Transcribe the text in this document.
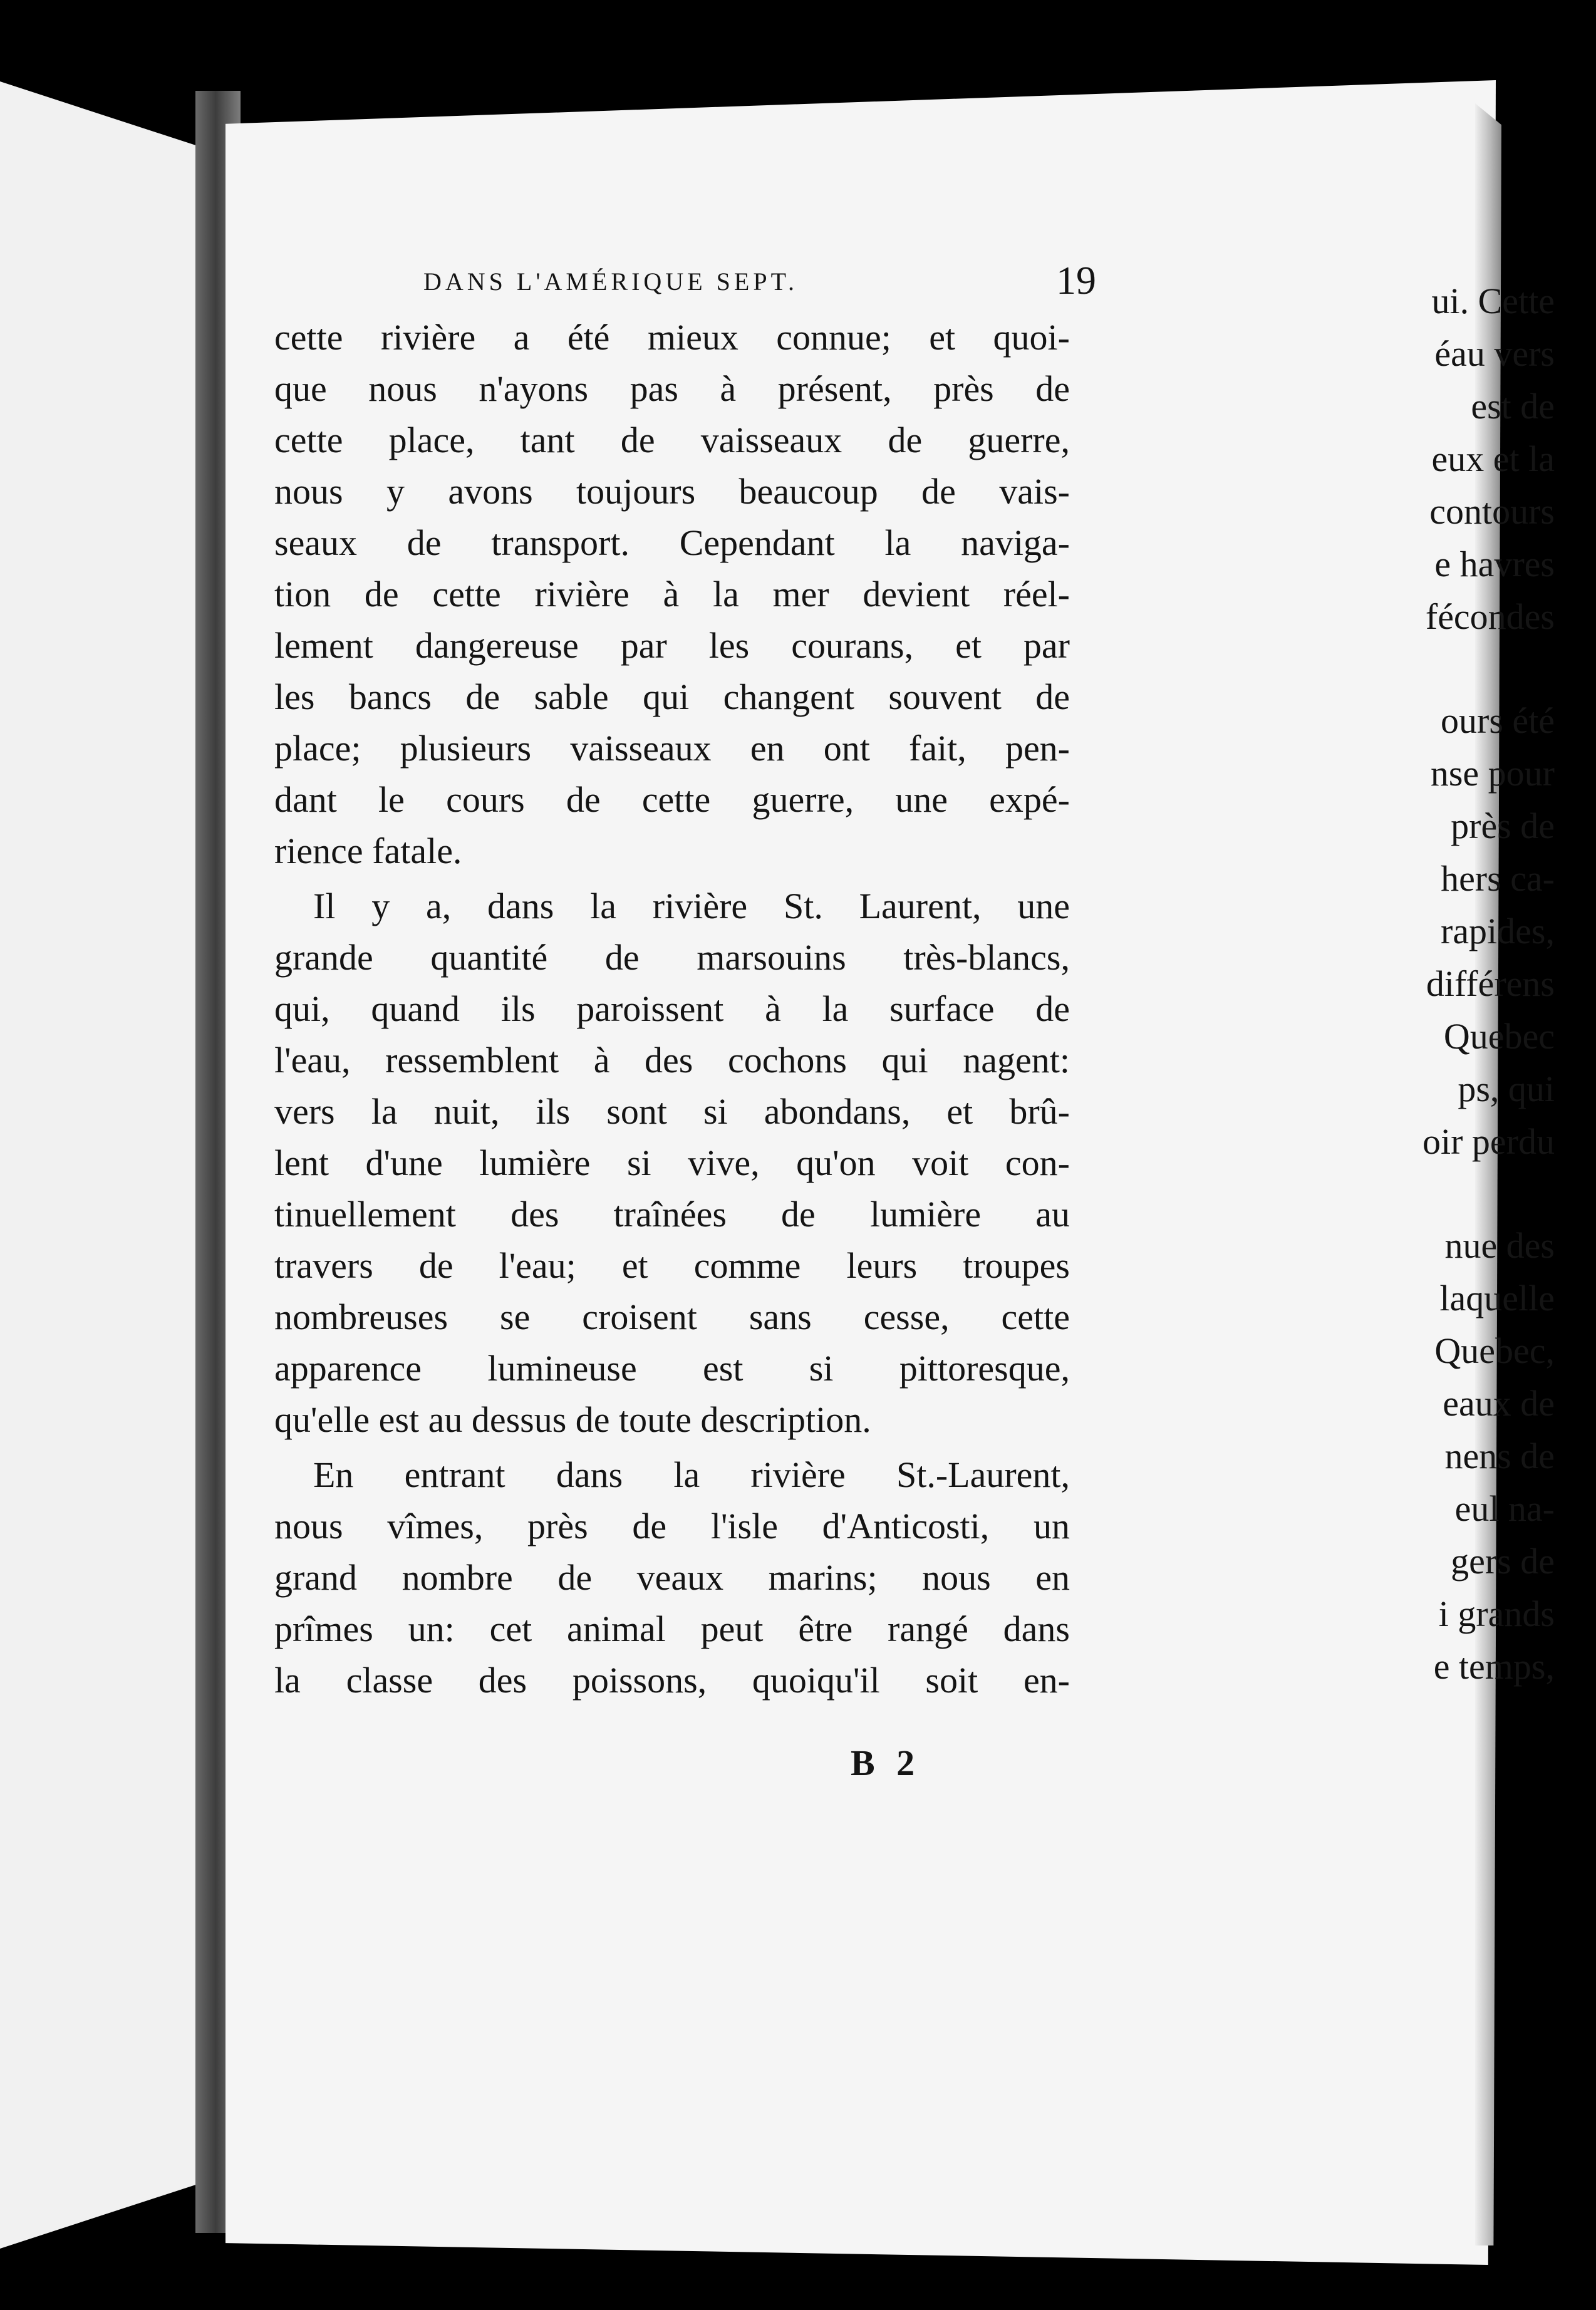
ui. Cette
éau vers
est de
eux et la
contours
e havres
fécondes
ours été
nse pour
près de
hers ca-
rapides,
différens
Quebec
ps, qui
oir perdu
nue des
laquelle
Quebec,
eaux de
nens de
eul na-
gers de
i grands
e temps,
DANS L'AMÉRIQUE SEPT.	19
cette rivière a été mieux connue; et quoi-
que nous n'ayons pas à présent, près de
cette place, tant de vaisseaux de guerre,
nous y avons toujours beaucoup de vais-
seaux de transport. Cependant la naviga-
tion de cette rivière à la mer devient réel-
lement dangereuse par les courans, et par
les bancs de sable qui changent souvent de
place; plusieurs vaisseaux en ont fait, pen-
dant le cours de cette guerre, une expé-
rience fatale.
Il y a, dans la rivière St. Laurent, une
grande quantité de marsouins très-blancs,
qui, quand ils paroissent à la surface de
l'eau, ressemblent à des cochons qui nagent:
vers la nuit, ils sont si abondans, et brû-
lent d'une lumière si vive, qu'on voit con-
tinuellement des traînées de lumière au
travers de l'eau; et comme leurs troupes
nombreuses se croisent sans cesse, cette
apparence lumineuse est si pittoresque,
qu'elle est au dessus de toute description.
En entrant dans la rivière St.-Laurent,
nous vîmes, près de l'isle d'Anticosti, un
grand nombre de veaux marins; nous en
prîmes un: cet animal peut être rangé dans
la classe des poissons, quoiqu'il soit en-
B 2
